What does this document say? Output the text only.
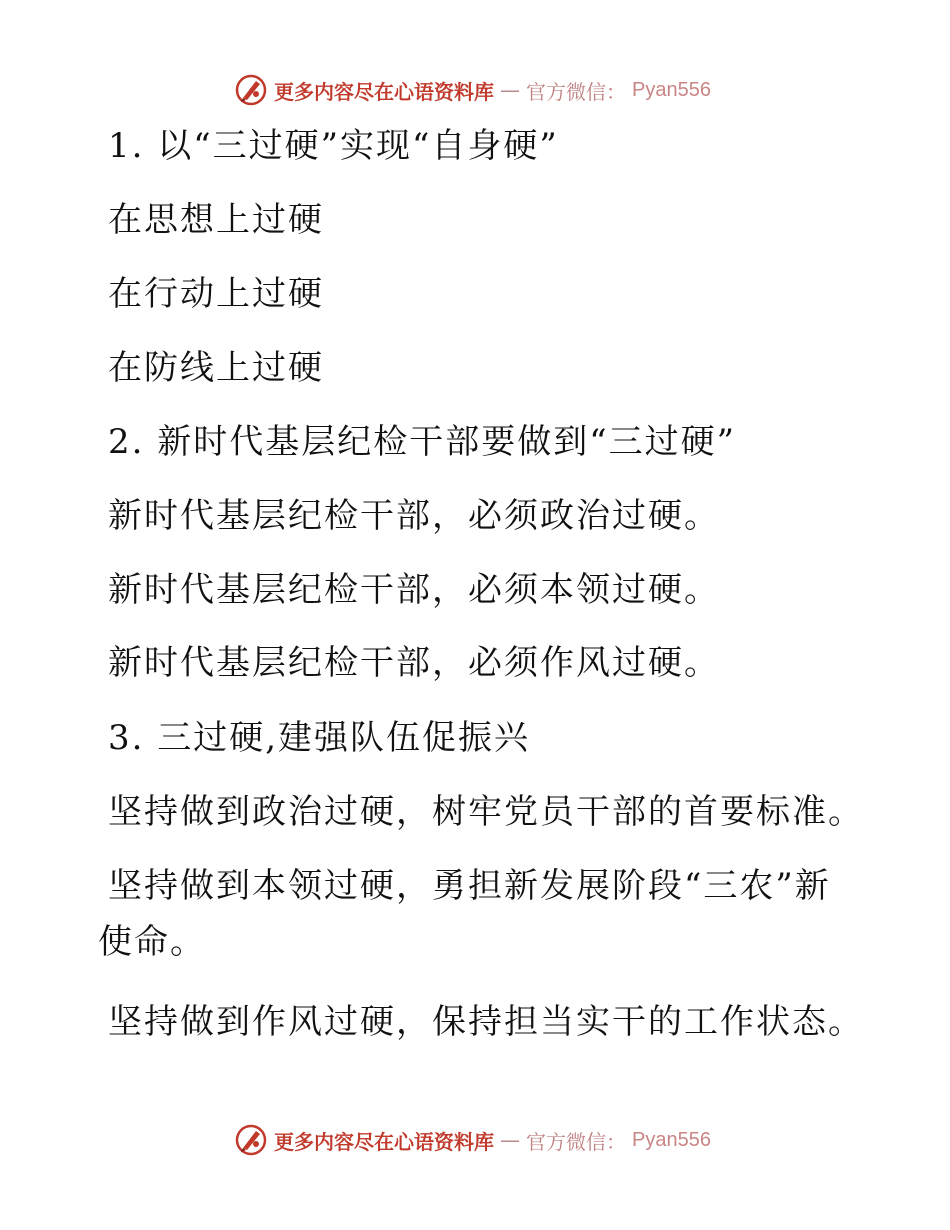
更多内容尽在心语资料库 — 官方微信： Pyan556
1. 以“三过硬”实现“自身硬”
在思想上过硬
在行动上过硬
在防线上过硬
2. 新时代基层纪检干部要做到“三过硬”
新时代基层纪检干部，必须政治过硬。
新时代基层纪检干部，必须本领过硬。
新时代基层纪检干部，必须作风过硬。
3. 三过硬,建强队伍促振兴
坚持做到政治过硬，树牢党员干部的首要标准。
坚持做到本领过硬，勇担新发展阶段“三农”新
使命。
坚持做到作风过硬，保持担当实干的工作状态。
更多内容尽在心语资料库 — 官方微信： Pyan556
